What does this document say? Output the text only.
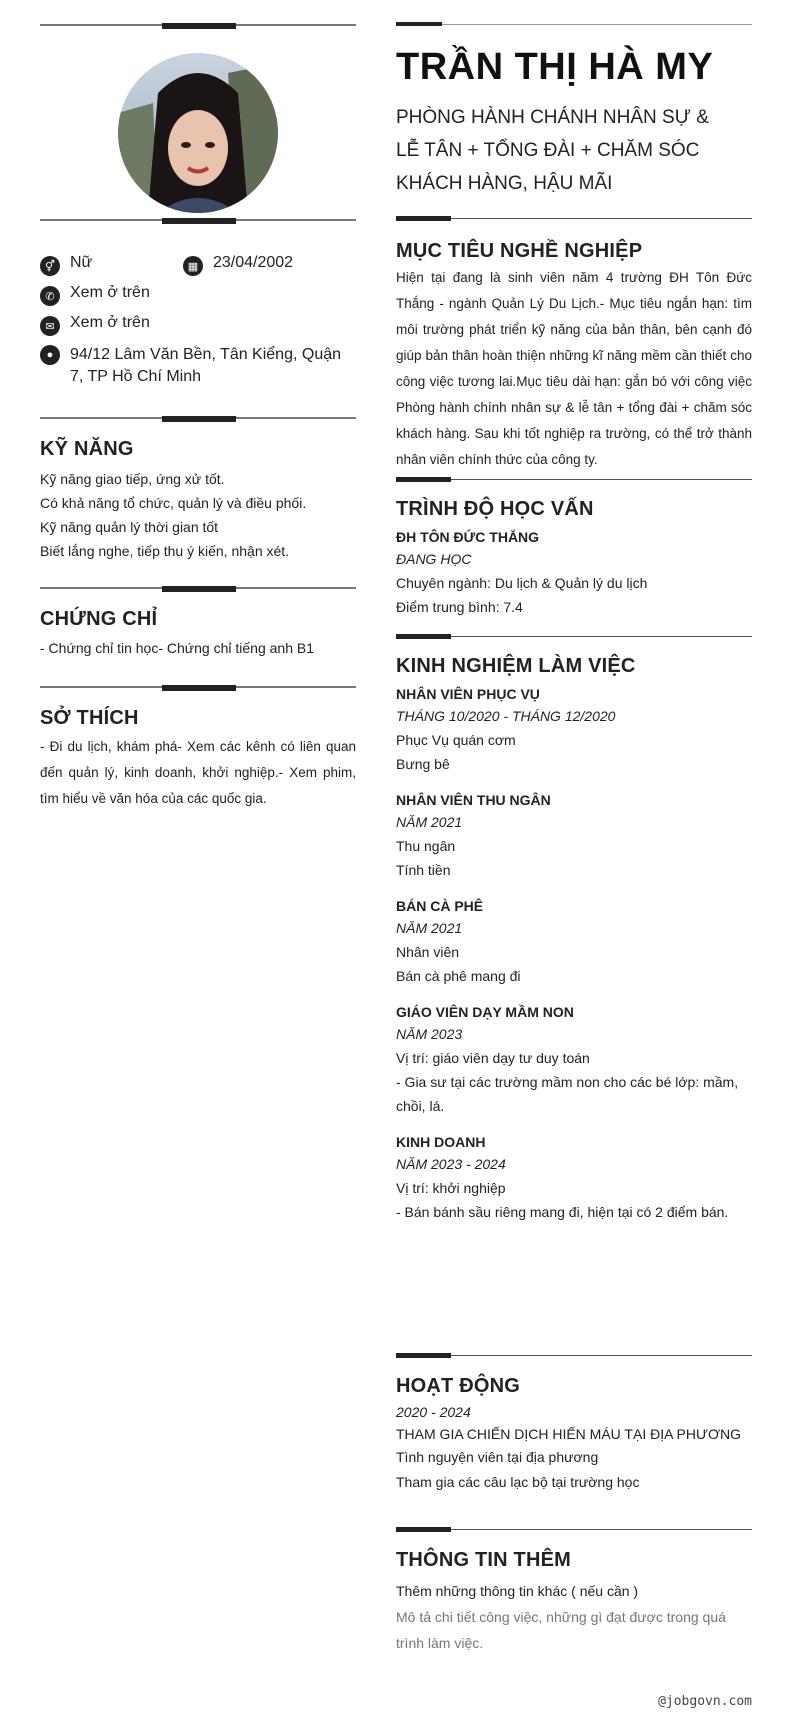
⚥ Nữ	▦ 23/04/2002
✆ Xem ở trên
✉ Xem ở trên
●	94/12 Lâm Văn Bền, Tân Kiểng, Quận 7, TP Hồ Chí Minh
KỸ NĂNG

Kỹ năng giao tiếp, ứng xử tốt.

Có khả năng tổ chức, quản lý và điều phối.

Kỹ năng quản lý thời gian tốt

Biết lắng nghe, tiếp thu ý kiến, nhận xét.

CHỨNG CHỈ

- Chứng chỉ tin học- Chứng chỉ tiếng anh B1

SỞ THÍCH

- Đi du lịch, khám phá- Xem các kênh có liên quan đến quản lý, kinh doanh, khởi nghiệp.- Xem phim, tìm hiểu về văn hóa của các quốc gia.

TRẦN THỊ HÀ MY

PHÒNG HÀNH CHÁNH NHÂN SỰ & LỄ TÂN + TỔNG ĐÀI + CHĂM SÓC KHÁCH HÀNG, HẬU MÃI

MỤC TIÊU NGHỀ NGHIỆP

Hiện tại đang là sinh viên năm 4 trường ĐH Tôn Đức Thắng - ngành Quản Lý Du Lịch.- Mục tiêu ngắn hạn: tìm môi trường phát triển kỹ năng của bản thân, bên cạnh đó giúp bản thân hoàn thiện những kĩ năng mềm cần thiết cho công việc tương lai.Mục tiêu dài hạn: gắn bó với công việc Phòng hành chính nhân sự & lễ tân + tổng đài + chăm sóc khách hàng. Sau khi tốt nghiệp ra trường, có thể trở thành nhân viên chính thức của công ty.

TRÌNH ĐỘ HỌC VẤN

ĐH TÔN ĐỨC THẮNG

ĐANG HỌC

Chuyên ngành: Du lịch & Quản lý du lịch

Điểm trung bình: 7.4

KINH NGHIỆM LÀM VIỆC

NHÂN VIÊN PHỤC VỤ

THÁNG 10/2020 - THÁNG 12/2020

Phục Vụ quán cơm

Bưng bê

NHÂN VIÊN THU NGÂN

NĂM 2021

Thu ngân

Tính tiền

BÁN CÀ PHÊ

NĂM 2021

Nhân viên

Bán cà phê mang đi

GIÁO VIÊN DẠY MẦM NON

NĂM 2023

Vị trí: giáo viên dạy tư duy toán

- Gia sư tại các trường mầm non cho các bé lớp: mầm, chồi, lá.

KINH DOANH

NĂM 2023 - 2024

Vị trí: khởi nghiệp

- Bán bánh sầu riêng mang đi, hiện tại có 2 điểm bán.

HOẠT ĐỘNG

2020 - 2024

THAM GIA CHIẾN DỊCH HIẾN MÁU TẠI ĐỊA PHƯƠNG

Tình nguyện viên tại địa phương

Tham gia các câu lạc bộ tại trường học

THÔNG TIN THÊM

Thêm những thông tin khác ( nếu cần )

Mô tả chi tiết công việc, những gì đạt được trong quá trình làm việc.

@jobgovn.com
